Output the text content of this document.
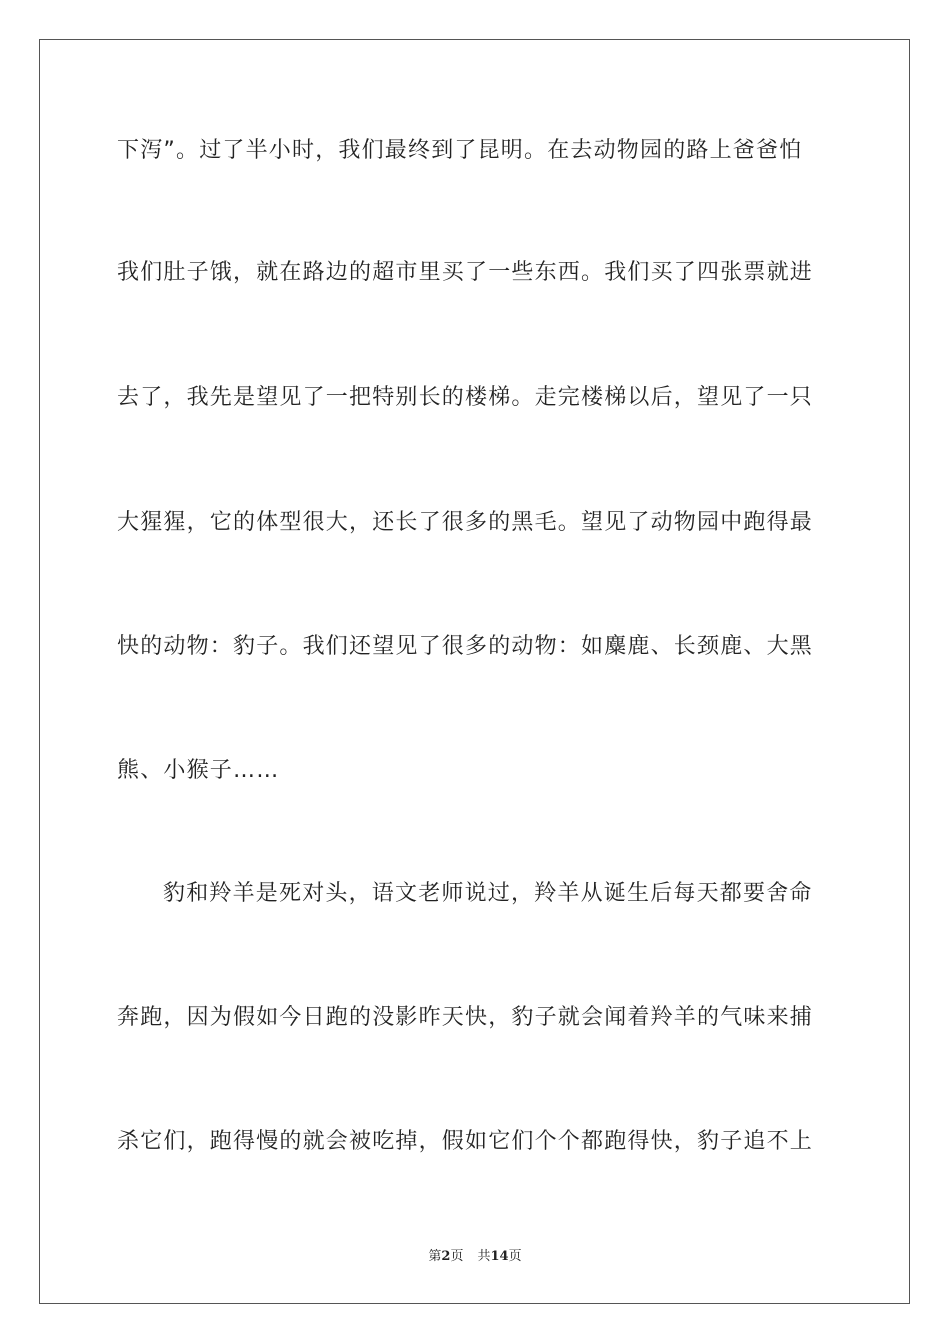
下泻”。过了半小时，我们最终到了昆明。在去动物园的路上爸爸怕
我们肚子饿，就在路边的超市里买了一些东西。我们买了四张票就进
去了，我先是望见了一把特别长的楼梯。走完楼梯以后，望见了一只
大猩猩，它的体型很大，还长了很多的黑毛。望见了动物园中跑得最
快的动物：豹子。我们还望见了很多的动物：如麋鹿、长颈鹿、大黑
熊、小猴子……
豹和羚羊是死对头，语文老师说过，羚羊从诞生后每天都要舍命
奔跑，因为假如今日跑的没影昨天快，豹子就会闻着羚羊的气味来捕
杀它们，跑得慢的就会被吃掉，假如它们个个都跑得快，豹子追不上
第2页 共14页
